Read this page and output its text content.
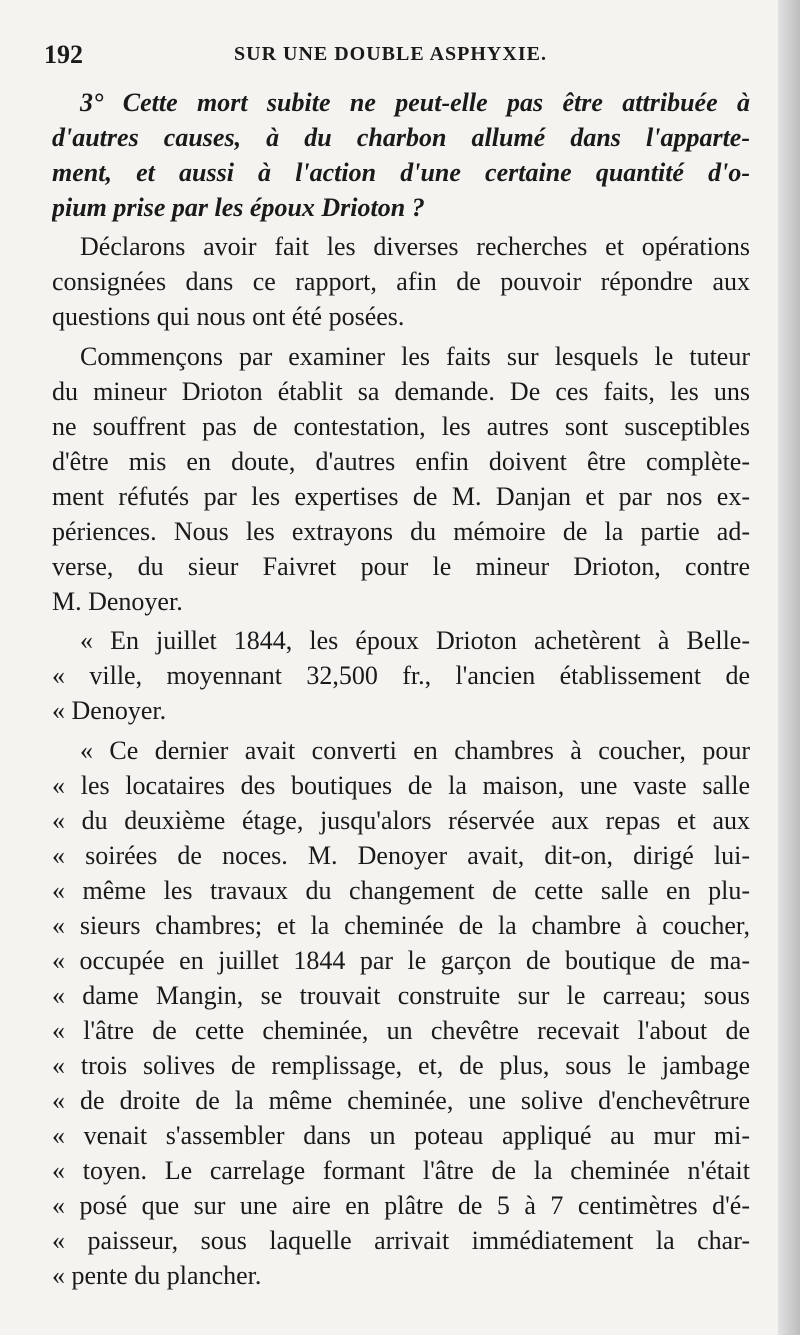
192	SUR UNE DOUBLE ASPHYXIE.
3° Cette mort subite ne peut-elle pas être attribuée à
d'autres causes, à du charbon allumé dans l'apparte-
ment, et aussi à l'action d'une certaine quantité d'o-
pium prise par les époux Drioton ?
Déclarons avoir fait les diverses recherches et opérations
consignées dans ce rapport, afin de pouvoir répondre aux
questions qui nous ont été posées.
Commençons par examiner les faits sur lesquels le tuteur
du mineur Drioton établit sa demande. De ces faits, les uns
ne souffrent pas de contestation, les autres sont susceptibles
d'être mis en doute, d'autres enfin doivent être complète-
ment réfutés par les expertises de M. Danjan et par nos ex-
périences. Nous les extrayons du mémoire de la partie ad-
verse, du sieur Faivret pour le mineur Drioton, contre
M. Denoyer.
« En juillet 1844, les époux Drioton achetèrent à Belle-
« ville, moyennant 32,500 fr., l'ancien établissement de
« Denoyer.
« Ce dernier avait converti en chambres à coucher, pour
« les locataires des boutiques de la maison, une vaste salle
« du deuxième étage, jusqu'alors réservée aux repas et aux
« soirées de noces. M. Denoyer avait, dit-on, dirigé lui-
« même les travaux du changement de cette salle en plu-
« sieurs chambres; et la cheminée de la chambre à coucher,
« occupée en juillet 1844 par le garçon de boutique de ma-
« dame Mangin, se trouvait construite sur le carreau; sous
« l'âtre de cette cheminée, un chevêtre recevait l'about de
« trois solives de remplissage, et, de plus, sous le jambage
« de droite de la même cheminée, une solive d'enchevêtrure
« venait s'assembler dans un poteau appliqué au mur mi-
« toyen. Le carrelage formant l'âtre de la cheminée n'était
« posé que sur une aire en plâtre de 5 à 7 centimètres d'é-
« paisseur, sous laquelle arrivait immédiatement la char-
« pente du plancher.
